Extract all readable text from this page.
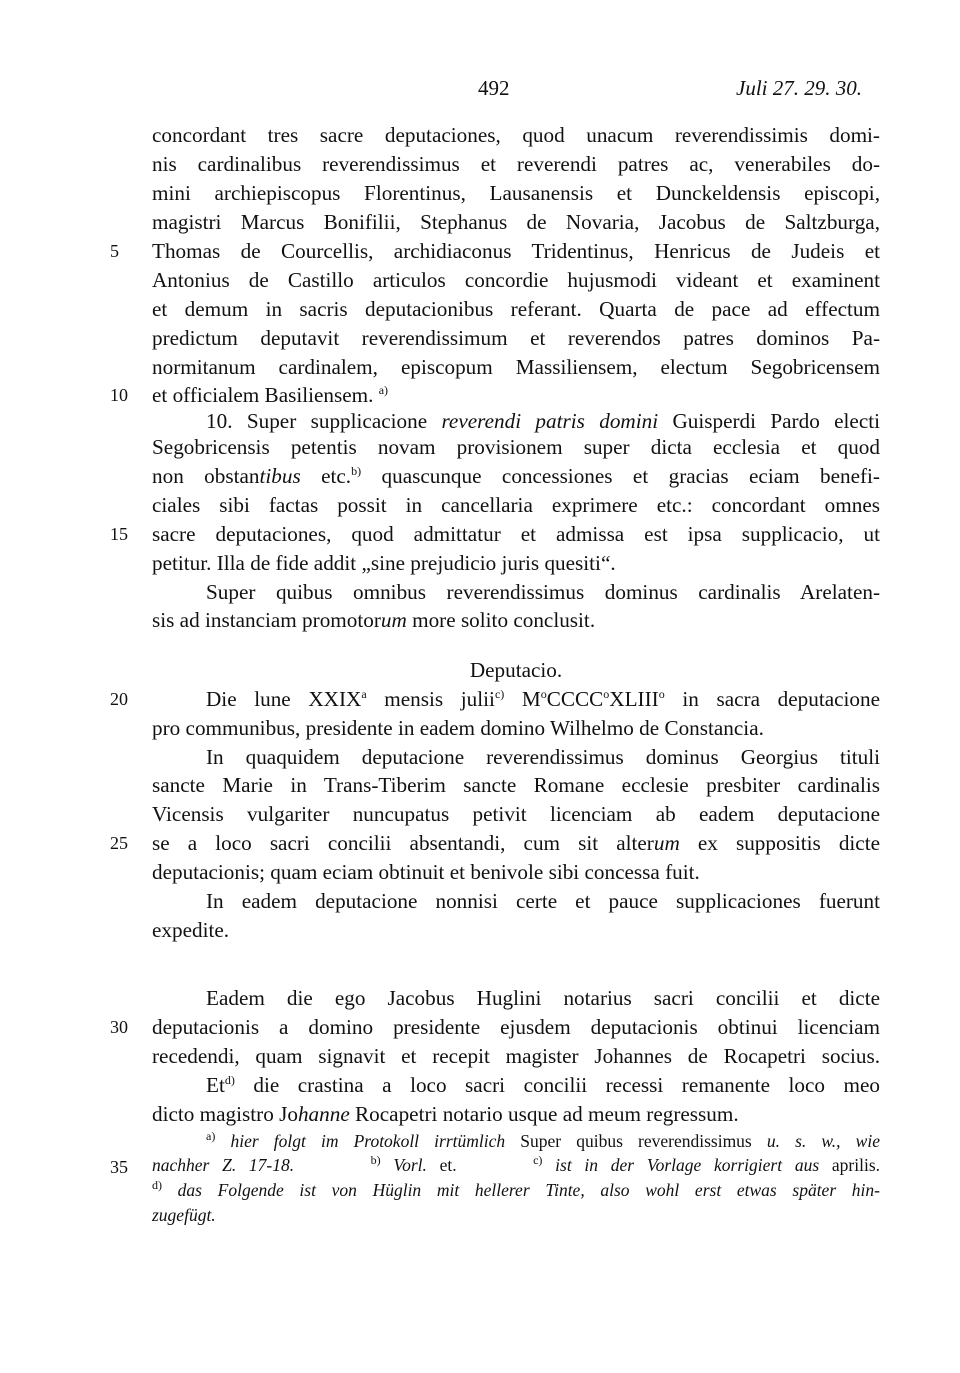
492	Juli 27. 29. 30.
5
10
15
20
25
30
35
concordant tres sacre deputaciones, quod unacum reverendissimis domi-
nis cardinalibus reverendissimus et reverendi patres ac, venerabiles do-
mini archiepiscopus Florentinus, Lausanensis et Dunckeldensis episcopi,
magistri Marcus Bonifilii, Stephanus de Novaria, Jacobus de Saltzburga,
Thomas de Courcellis, archidiaconus Tridentinus, Henricus de Judeis et
Antonius de Castillo articulos concordie hujusmodi videant et examinent
et demum in sacris deputacionibus referant. Quarta de pace ad effectum
predictum deputavit reverendissimum et reverendos patres dominos Pa-
normitanum cardinalem, episcopum Massiliensem, electum Segobricensem
et officialem Basiliensem. $^{a)}$
10. Super supplicacione reverendi patris domini Guisperdi Pardo electi
Segobricensis petentis novam provisionem super dicta ecclesia et quod
non obstantibus etc.$^{b)}$ quascunque concessiones et gracias eciam benefi-
ciales sibi factas possit in cancellaria exprimere etc.: concordant omnes
sacre deputaciones, quod admittatur et admissa est ipsa supplicacio, ut
petitur. Illa de fide addit „sine prejudicio juris quesiti“.
Super quibus omnibus reverendissimus dominus cardinalis Arelaten-
sis ad instanciam promotorum more solito conclusit.
Deputacio.
Die lune XXIX$^a$ mensis julii$^{c)}$ $M^oCCCC^oXLIII^o$ in sacra deputacione
pro communibus, presidente in eadem domino Wilhelmo de Constancia.
In quaquidem deputacione reverendissimus dominus Georgius tituli
sancte Marie in Trans-Tiberim sancte Romane ecclesie presbiter cardinalis
Vicensis vulgariter nuncupatus petivit licenciam ab eadem deputacione
se a loco sacri concilii absentandi, cum sit alterum ex suppositis dicte
deputacionis; quam eciam obtinuit et benivole sibi concessa fuit.
In eadem deputacione nonnisi certe et pauce supplicaciones fuerunt
expedite.
Eadem die ego Jacobus Huglini notarius sacri concilii et dicte
deputacionis a domino presidente ejusdem deputacionis obtinui licenciam
recedendi, quam signavit et recepit magister Johannes de Rocapetri socius.
Et$^{d)}$ die crastina a loco sacri concilii recessi remanente loco meo
dicto magistro Johanne Rocapetri notario usque ad meum regressum.
$^{a)}$ hier folgt im Protokoll irrtümlich Super quibus reverendissimus u. s. w., wie
nachher Z. 17-18.	$^{b)}$ Vorl. et.	$^{c)}$ ist in der Vorlage korrigiert aus aprilis.
$^{d)}$ das Folgende ist von Hüglin mit hellerer Tinte, also wohl erst etwas später hin-
zugefügt.
